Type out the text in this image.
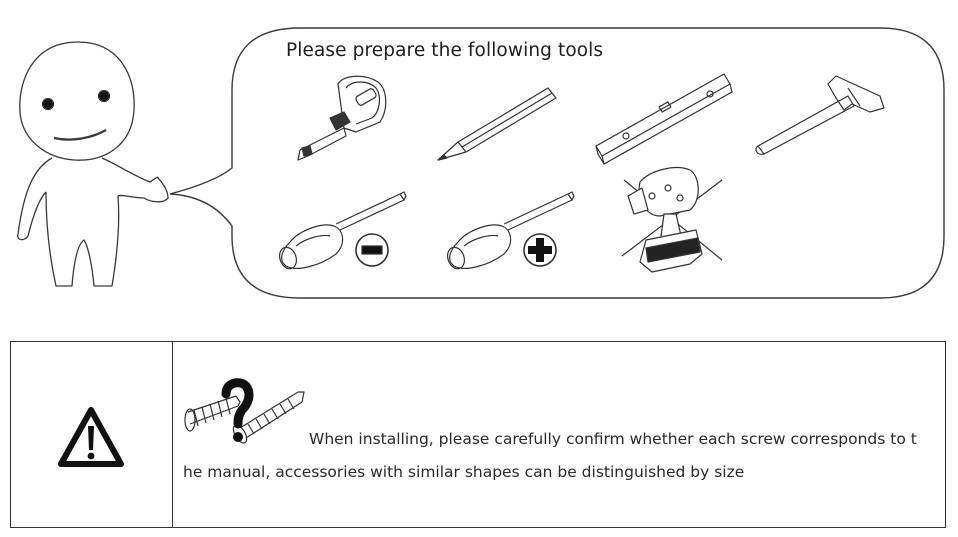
Please prepare the following tools
When installing, please carefully confirm whether each screw corresponds to t
he manual, accessories with similar shapes can be distinguished by size
